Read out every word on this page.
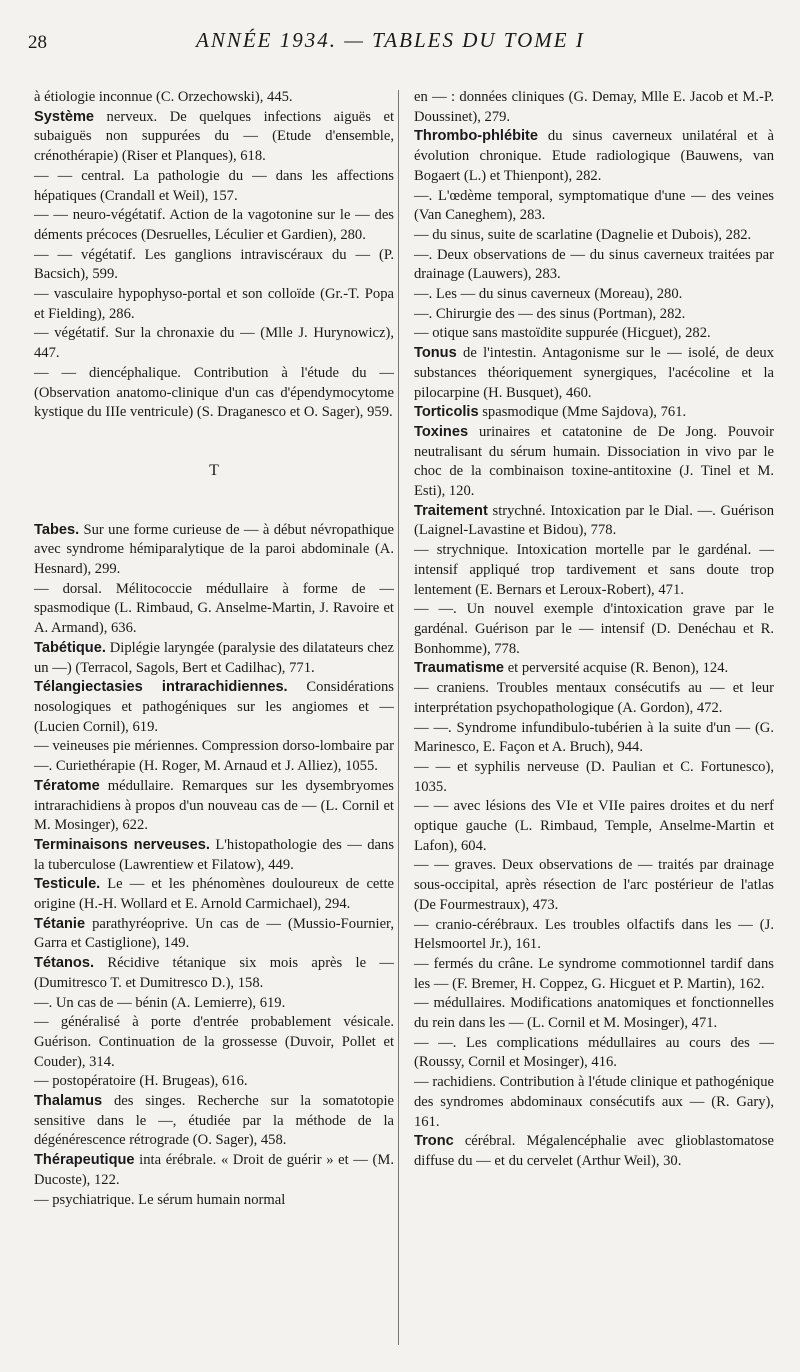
28	ANNÉE 1934. — TABLES DU TOME I

à étiologie inconnue (C. Orzechowski), 445.

Système nerveux. De quelques infections aiguës et subaiguës non suppurées du — (Etude d'ensemble, crénothérapie) (Riser et Planques), 618.

— — central. La pathologie du — dans les affections hépatiques (Crandall et Weil), 157.

— — neuro-végétatif. Action de la vagotonine sur le — des déments précoces (Desruelles, Léculier et Gardien), 280.

— — végétatif. Les ganglions intraviscéraux du — (P. Bacsich), 599.

— vasculaire hypophyso-portal et son colloïde (Gr.-T. Popa et Fielding), 286.

— végétatif. Sur la chronaxie du — (Mlle J. Hurynowicz), 447.

— — diencéphalique. Contribution à l'étude du — (Observation anatomo-clinique d'un cas d'épendymocytome kystique du IIIe ventricule) (S. Draganesco et O. Sager), 959.

T

Tabes. Sur une forme curieuse de — à début névropathique avec syndrome hémiparalytique de la paroi abdominale (A. Hesnard), 299.

— dorsal. Mélitococcie médullaire à forme de — spasmodique (L. Rimbaud, G. Anselme-Martin, J. Ravoire et A. Armand), 636.

Tabétique. Diplégie laryngée (paralysie des dilatateurs chez un —) (Terracol, Sagols, Bert et Cadilhac), 771.

Télangiectasies intrarachidiennes. Considérations nosologiques et pathogéniques sur les angiomes et — (Lucien Cornil), 619.

— veineuses pie mériennes. Compression dorso-lombaire par —. Curiethérapie (H. Roger, M. Arnaud et J. Alliez), 1055.

Tératome médullaire. Remarques sur les dysembryomes intrarachidiens à propos d'un nouveau cas de — (L. Cornil et M. Mosinger), 622.

Terminaisons nerveuses. L'histopathologie des — dans la tuberculose (Lawrentiew et Filatow), 449.

Testicule. Le — et les phénomènes douloureux de cette origine (H.-H. Wollard et E. Arnold Carmichael), 294.

Tétanie parathyréoprive. Un cas de — (Mussio-Fournier, Garra et Castiglione), 149.

Tétanos. Récidive tétanique six mois après le — (Dumitresco T. et Dumitresco D.), 158.

—. Un cas de — bénin (A. Lemierre), 619.

— généralisé à porte d'entrée probablement vésicale. Guérison. Continuation de la grossesse (Duvoir, Pollet et Couder), 314.

— postopératoire (H. Brugeas), 616.

Thalamus des singes. Recherche sur la somatotopie sensitive dans le —, étudiée par la méthode de la dégénérescence rétrograde (O. Sager), 458.

Thérapeutique inta érébrale. « Droit de guérir » et — (M. Ducoste), 122.

— psychiatrique. Le sérum humain normal

en — : données cliniques (G. Demay, Mlle E. Jacob et M.-P. Doussinet), 279.

Thrombo-phlébite du sinus caverneux unilatéral et à évolution chronique. Etude radiologique (Bauwens, van Bogaert (L.) et Thienpont), 282.

—. L'œdème temporal, symptomatique d'une — des veines (Van Caneghem), 283.

— du sinus, suite de scarlatine (Dagnelie et Dubois), 282.

—. Deux observations de — du sinus caverneux traitées par drainage (Lauwers), 283.

—. Les — du sinus caverneux (Moreau), 280.

—. Chirurgie des — des sinus (Portman), 282.

— otique sans mastoïdite suppurée (Hicguet), 282.

Tonus de l'intestin. Antagonisme sur le — isolé, de deux substances théoriquement synergiques, l'acécoline et la pilocarpine (H. Busquet), 460.

Torticolis spasmodique (Mme Sajdova), 761.

Toxines urinaires et catatonine de De Jong. Pouvoir neutralisant du sérum humain. Dissociation in vivo par le choc de la combinaison toxine-antitoxine (J. Tinel et M. Esti), 120.

Traitement strychné. Intoxication par le Dial. —. Guérison (Laignel-Lavastine et Bidou), 778.

— strychnique. Intoxication mortelle par le gardénal. — intensif appliqué trop tardivement et sans doute trop lentement (E. Bernars et Leroux-Robert), 471.

— —. Un nouvel exemple d'intoxication grave par le gardénal. Guérison par le — intensif (D. Denéchau et R. Bonhomme), 778.

Traumatisme et perversité acquise (R. Benon), 124.

— craniens. Troubles mentaux consécutifs au — et leur interprétation psychopathologique (A. Gordon), 472.

— —. Syndrome infundibulo-tubérien à la suite d'un — (G. Marinesco, E. Façon et A. Bruch), 944.

— — et syphilis nerveuse (D. Paulian et C. Fortunesco), 1035.

— — avec lésions des VIe et VIIe paires droites et du nerf optique gauche (L. Rimbaud, Temple, Anselme-Martin et Lafon), 604.

— — graves. Deux observations de — traités par drainage sous-occipital, après résection de l'arc postérieur de l'atlas (De Fourmestraux), 473.

— cranio-cérébraux. Les troubles olfactifs dans les — (J. Helsmoortel Jr.), 161.

— fermés du crâne. Le syndrome commotionnel tardif dans les — (F. Bremer, H. Coppez, G. Hicguet et P. Martin), 162.

— médullaires. Modifications anatomiques et fonctionnelles du rein dans les — (L. Cornil et M. Mosinger), 471.

— —. Les complications médullaires au cours des — (Roussy, Cornil et Mosinger), 416.

— rachidiens. Contribution à l'étude clinique et pathogénique des syndromes abdominaux consécutifs aux — (R. Gary), 161.

Tronc cérébral. Mégalencéphalie avec glioblastomatose diffuse du — et du cervelet (Arthur Weil), 30.
